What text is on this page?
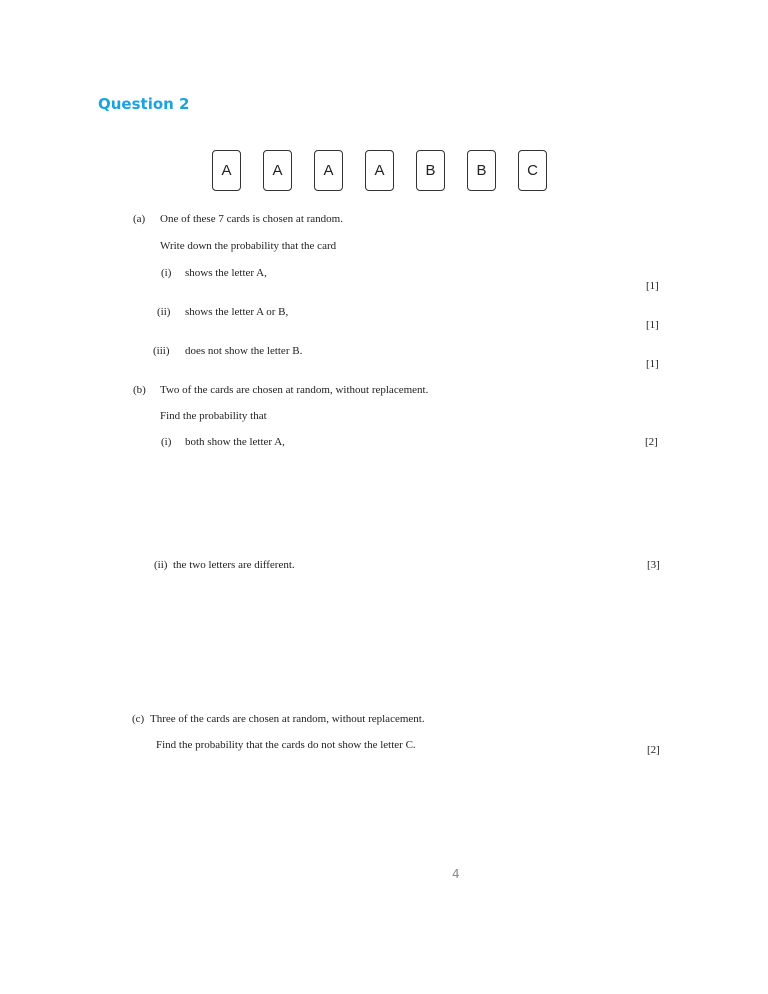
Question 2
A	A	A	A	B	B	C
(a) One of these 7 cards is chosen at random.
Write down the probability that the card
(i) shows the letter A,
[1]
(ii) shows the letter A or B,
[1]
(iii) does not show the letter B.
[1]
(b) Two of the cards are chosen at random, without replacement.
Find the probability that
(i) both show the letter A,	[2]
(ii) the two letters are different.	[3]
(c) Three of the cards are chosen at random, without replacement.
Find the probability that the cards do not show the letter C.	[2]
4
